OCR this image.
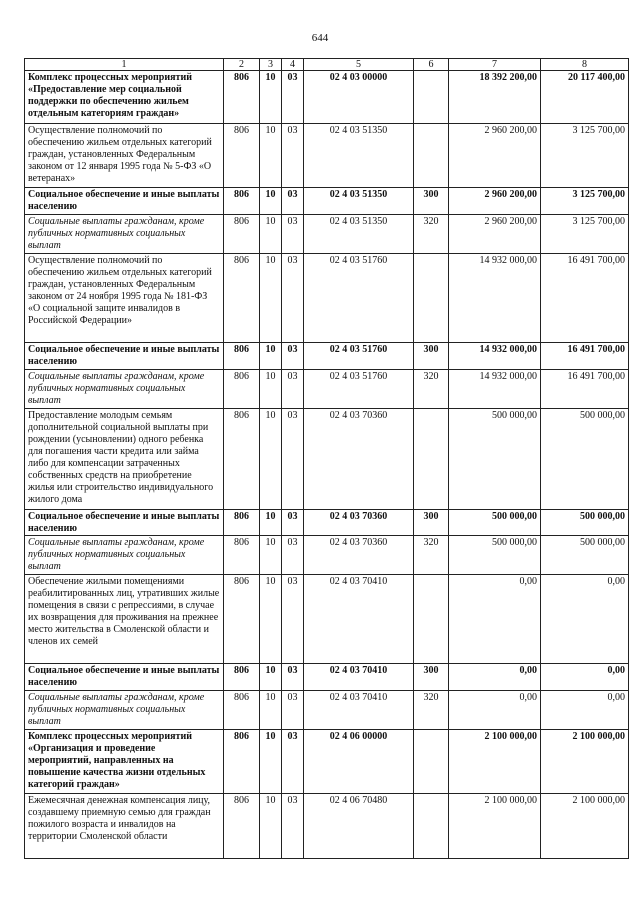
644
1	2	3	4	5	6	7	8
Комплекс процессных мероприятий «Предоставление мер социальной поддержки по обеспечению жильем отдельным категориям граждан»	806	10	03	02 4 03 00000		18 392 200,00	20 117 400,00
Осуществление полномочий по обеспечению жильем отдельных категорий граждан, установленных Федеральным законом от 12 января 1995 года № 5-ФЗ «О ветеранах»	806	10	03	02 4 03 51350		2 960 200,00	3 125 700,00
Социальное обеспечение и иные выплаты населению	806	10	03	02 4 03 51350	300	2 960 200,00	3 125 700,00
Социальные выплаты гражданам, кроме публичных нормативных социальных выплат	806	10	03	02 4 03 51350	320	2 960 200,00	3 125 700,00
Осуществление полномочий по обеспечению жильем отдельных категорий граждан, установленных Федеральным законом от 24 ноября 1995 года № 181-ФЗ «О социальной защите инвалидов в Российской Федерации»	806	10	03	02 4 03 51760		14 932 000,00	16 491 700,00
Социальное обеспечение и иные выплаты населению	806	10	03	02 4 03 51760	300	14 932 000,00	16 491 700,00
Социальные выплаты гражданам, кроме публичных нормативных социальных выплат	806	10	03	02 4 03 51760	320	14 932 000,00	16 491 700,00
Предоставление молодым семьям дополнительной социальной выплаты при рождении (усыновлении) одного ребенка для погашения части кредита или займа либо для компенсации затраченных собственных средств на приобретение жилья или строительство индивидуального жилого дома	806	10	03	02 4 03 70360		500 000,00	500 000,00
Социальное обеспечение и иные выплаты населению	806	10	03	02 4 03 70360	300	500 000,00	500 000,00
Социальные выплаты гражданам, кроме публичных нормативных социальных выплат	806	10	03	02 4 03 70360	320	500 000,00	500 000,00
Обеспечение жилыми помещениями реабилитированных лиц, утративших жилые помещения в связи с репрессиями, в случае их возвращения для проживания на прежнее место жительства в Смоленской области и членов их семей	806	10	03	02 4 03 70410		0,00	0,00
Социальное обеспечение и иные выплаты населению	806	10	03	02 4 03 70410	300	0,00	0,00
Социальные выплаты гражданам, кроме публичных нормативных социальных выплат	806	10	03	02 4 03 70410	320	0,00	0,00
Комплекс процессных мероприятий «Организация и проведение мероприятий, направленных на повышение качества жизни отдельных категорий граждан»	806	10	03	02 4 06 00000		2 100 000,00	2 100 000,00
Ежемесячная денежная компенсация лицу, создавшему приемную семью для граждан пожилого возраста и инвалидов на территории Смоленской области	806	10	03	02 4 06 70480		2 100 000,00	2 100 000,00
